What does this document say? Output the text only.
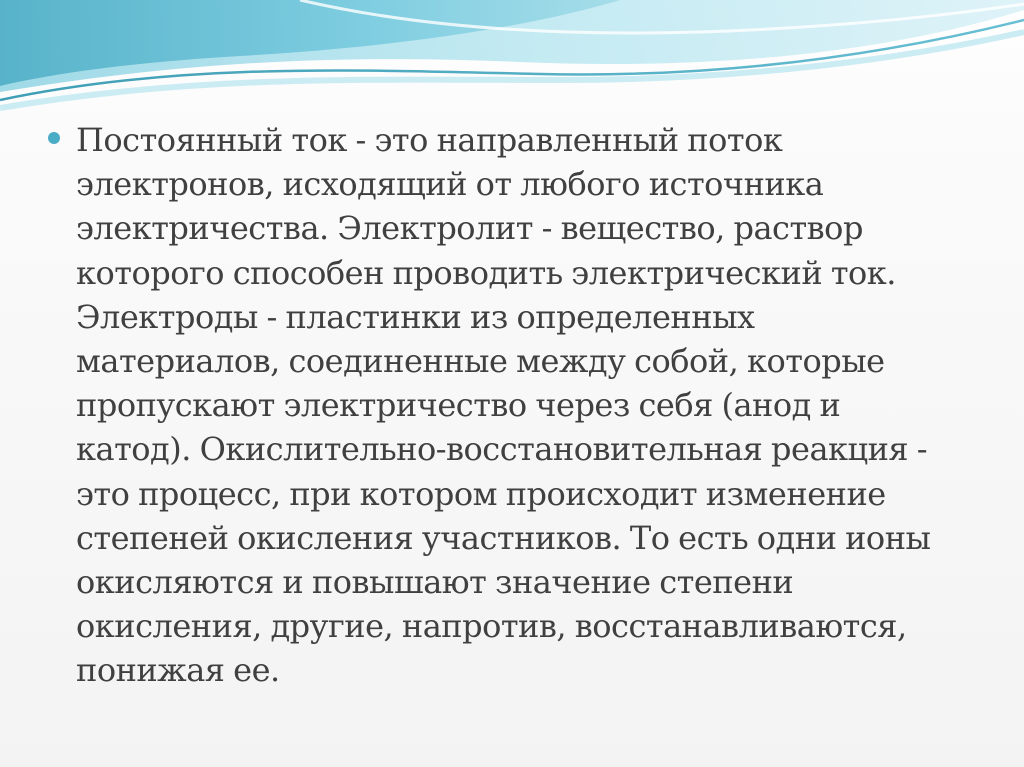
Постоянный ток - это направленный поток электронов, исходящий от любого источника электричества. Электролит - вещество, раствор которого способен проводить электрический ток. Электроды - пластинки из определенных материалов, соединенные между собой, которые пропускают электричество через себя (анод и катод). Окислительно-восстановительная реакция - это процесс, при котором происходит изменение степеней окисления участников. То есть одни ионы окисляются и повышают значение степени окисления, другие, напротив, восстанавливаются, понижая ее.
